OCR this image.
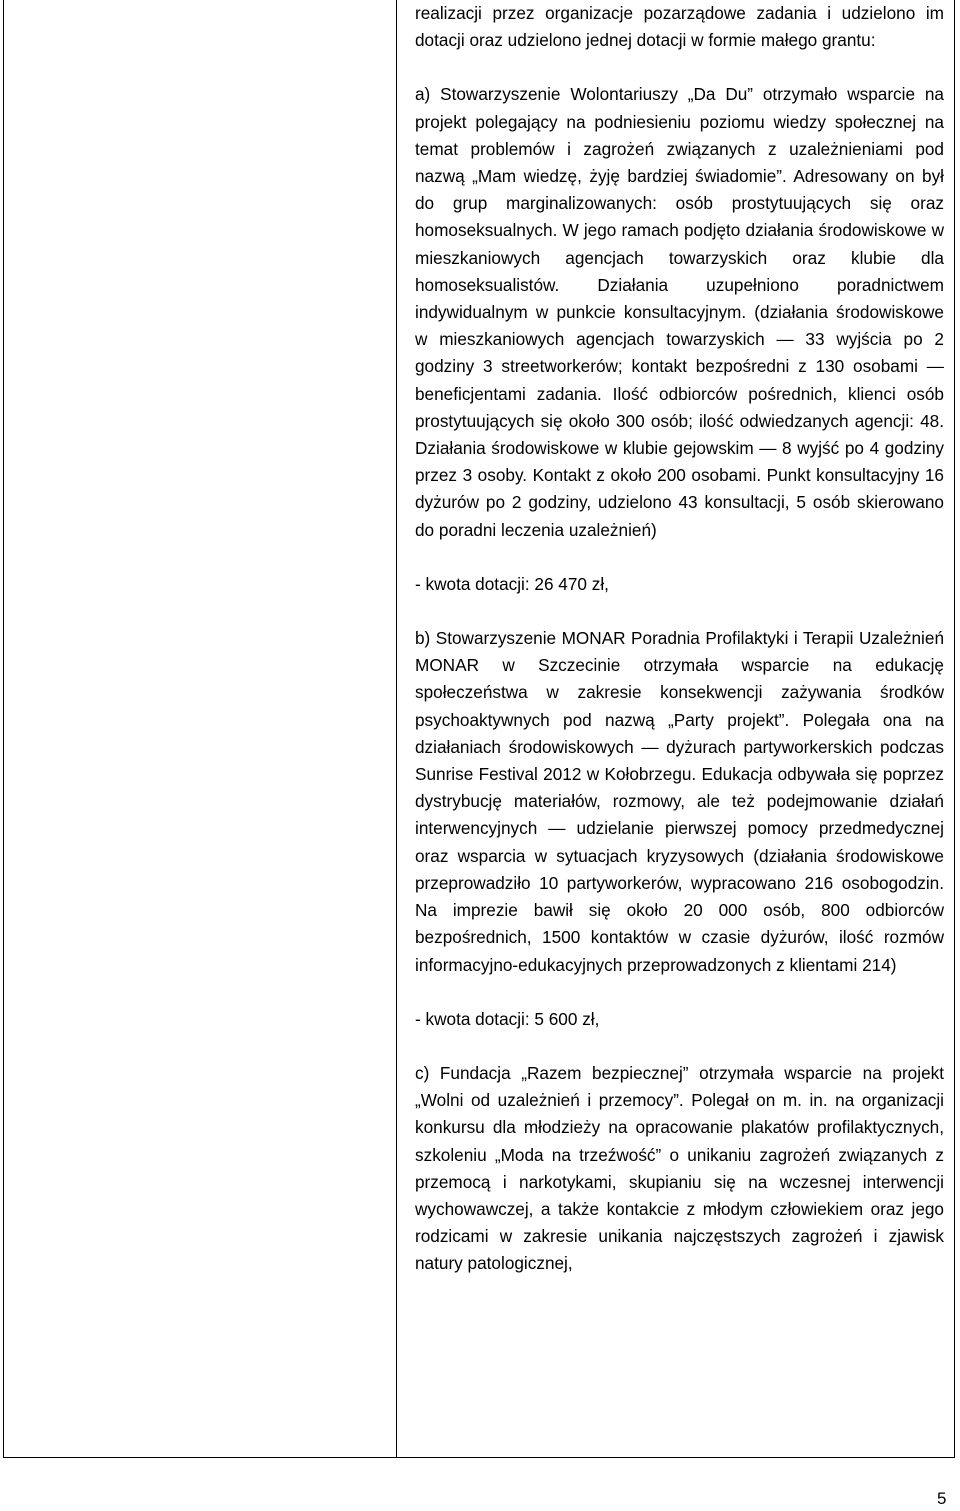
realizacji przez organizacje pozarządowe zadania i udzielono im dotacji oraz udzielono jednej dotacji w formie małego grantu:

a) Stowarzyszenie Wolontariuszy „Da Du” otrzymało wsparcie na projekt polegający na podniesieniu poziomu wiedzy społecznej na temat problemów i zagrożeń związanych z uzależnieniami pod nazwą „Mam wiedzę, żyję bardziej świadomie”. Adresowany on był do grup marginalizowanych: osób prostytuujących się oraz homoseksualnych. W jego ramach podjęto działania środowiskowe w mieszkaniowych agencjach towarzyskich oraz klubie dla homoseksualistów. Działania uzupełniono poradnictwem indywidualnym w punkcie konsultacyjnym. (działania środowiskowe w mieszkaniowych agencjach towarzyskich — 33 wyjścia po 2 godziny 3 streetworkerów; kontakt bezpośredni z 130 osobami — beneficjentami zadania. Ilość odbiorców pośrednich, klienci osób prostytuujących się około 300 osób; ilość odwiedzanych agencji: 48. Działania środowiskowe w klubie gejowskim — 8 wyjść po 4 godziny przez 3 osoby. Kontakt z około 200 osobami. Punkt konsultacyjny 16 dyżurów po 2 godziny, udzielono 43 konsultacji, 5 osób skierowano do poradni leczenia uzależnień)

- kwota dotacji: 26 470 zł,

b) Stowarzyszenie MONAR Poradnia Profilaktyki i Terapii Uzależnień MONAR w Szczecinie otrzymała wsparcie na edukację społeczeństwa w zakresie konsekwencji zażywania środków psychoaktywnych pod nazwą „Party projekt”. Polegała ona na działaniach środowiskowych — dyżurach partyworkerskich podczas Sunrise Festival 2012 w Kołobrzegu. Edukacja odbywała się poprzez dystrybucję materiałów, rozmowy, ale też podejmowanie działań interwencyjnych — udzielanie pierwszej pomocy przedmedycznej oraz wsparcia w sytuacjach kryzysowych (działania środowiskowe przeprowadziło 10 partyworkerów, wypracowano 216 osobogodzin. Na imprezie bawił się około 20 000 osób, 800 odbiorców bezpośrednich, 1500 kontaktów w czasie dyżurów, ilość rozmów informacyjno-edukacyjnych przeprowadzonych z klientami 214)

- kwota dotacji: 5 600 zł,

c) Fundacja „Razem bezpiecznej” otrzymała wsparcie na projekt „Wolni od uzależnień i przemocy”. Polegał on m. in. na organizacji konkursu dla młodzieży na opracowanie plakatów profilaktycznych, szkoleniu „Moda na trzeźwość” o unikaniu zagrożeń związanych z przemocą i narkotykami, skupianiu się na wczesnej interwencji wychowawczej, a także kontakcie z młodym człowiekiem oraz jego rodzicami w zakresie unikania najczęstszych zagrożeń i zjawisk natury patologicznej,

5
